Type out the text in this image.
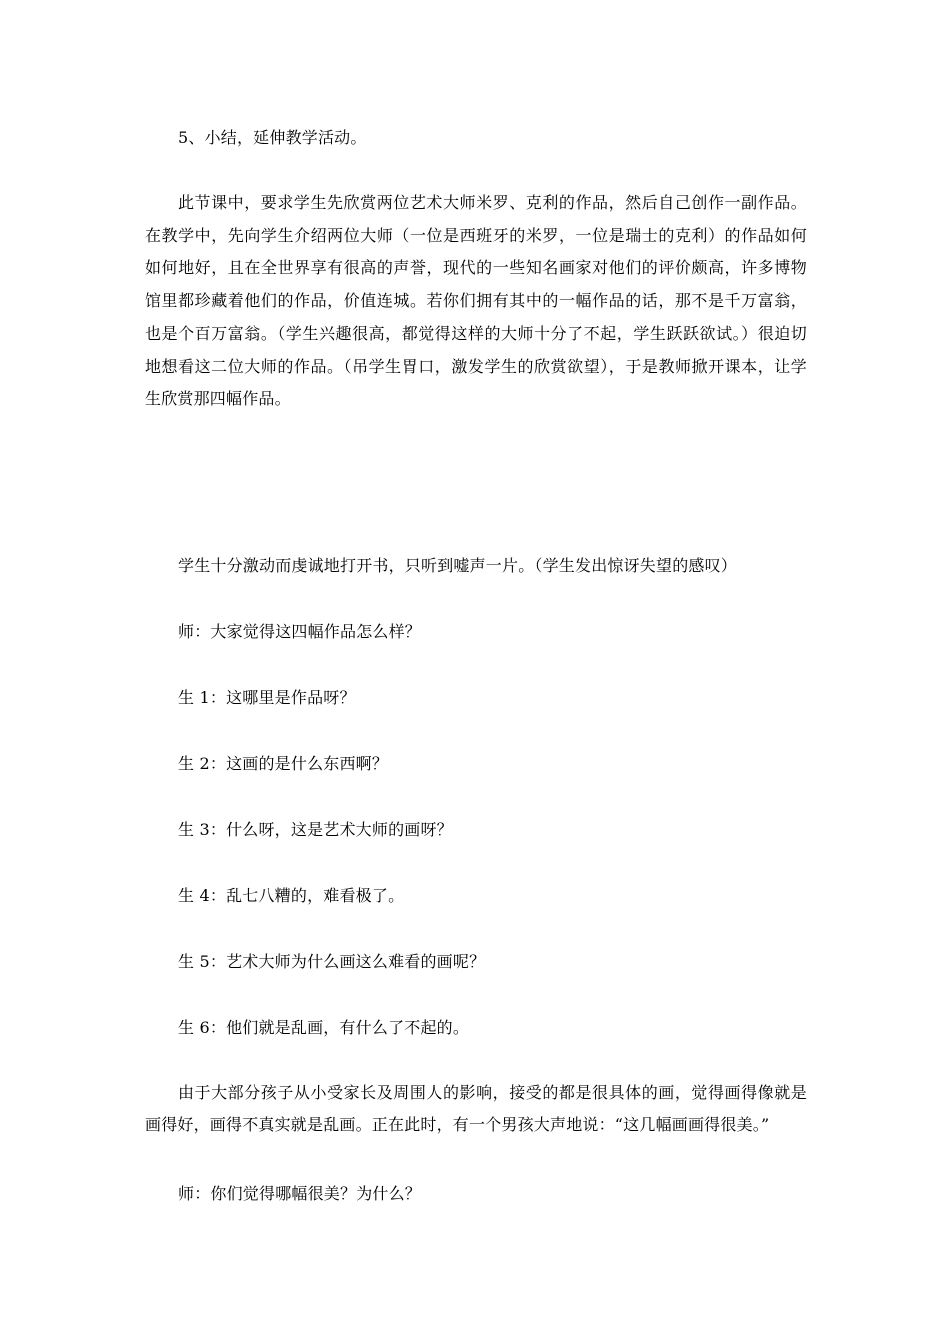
5、小结，延伸教学活动。

此节课中，要求学生先欣赏两位艺术大师米罗、克利的作品，然后自己创作一副作品。在教学中，先向学生介绍两位大师（一位是西班牙的米罗，一位是瑞士的克利）的作品如何如何地好，且在全世界享有很高的声誉，现代的一些知名画家对他们的评价颇高，许多博物馆里都珍藏着他们的作品，价值连城。若你们拥有其中的一幅作品的话，那不是千万富翁，也是个百万富翁。（学生兴趣很高，都觉得这样的大师十分了不起，学生跃跃欲试。）很迫切地想看这二位大师的作品。（吊学生胃口，激发学生的欣赏欲望），于是教师掀开课本，让学生欣赏那四幅作品。

学生十分激动而虔诚地打开书，只听到嘘声一片。（学生发出惊讶失望的感叹）

师：大家觉得这四幅作品怎么样？

生 1：这哪里是作品呀？

生 2：这画的是什么东西啊？

生 3：什么呀，这是艺术大师的画呀？

生 4：乱七八糟的，难看极了。

生 5：艺术大师为什么画这么难看的画呢？

生 6：他们就是乱画，有什么了不起的。

由于大部分孩子从小受家长及周围人的影响，接受的都是很具体的画，觉得画得像就是画得好，画得不真实就是乱画。正在此时，有一个男孩大声地说：“这几幅画画得很美。”

师：你们觉得哪幅很美？为什么？
